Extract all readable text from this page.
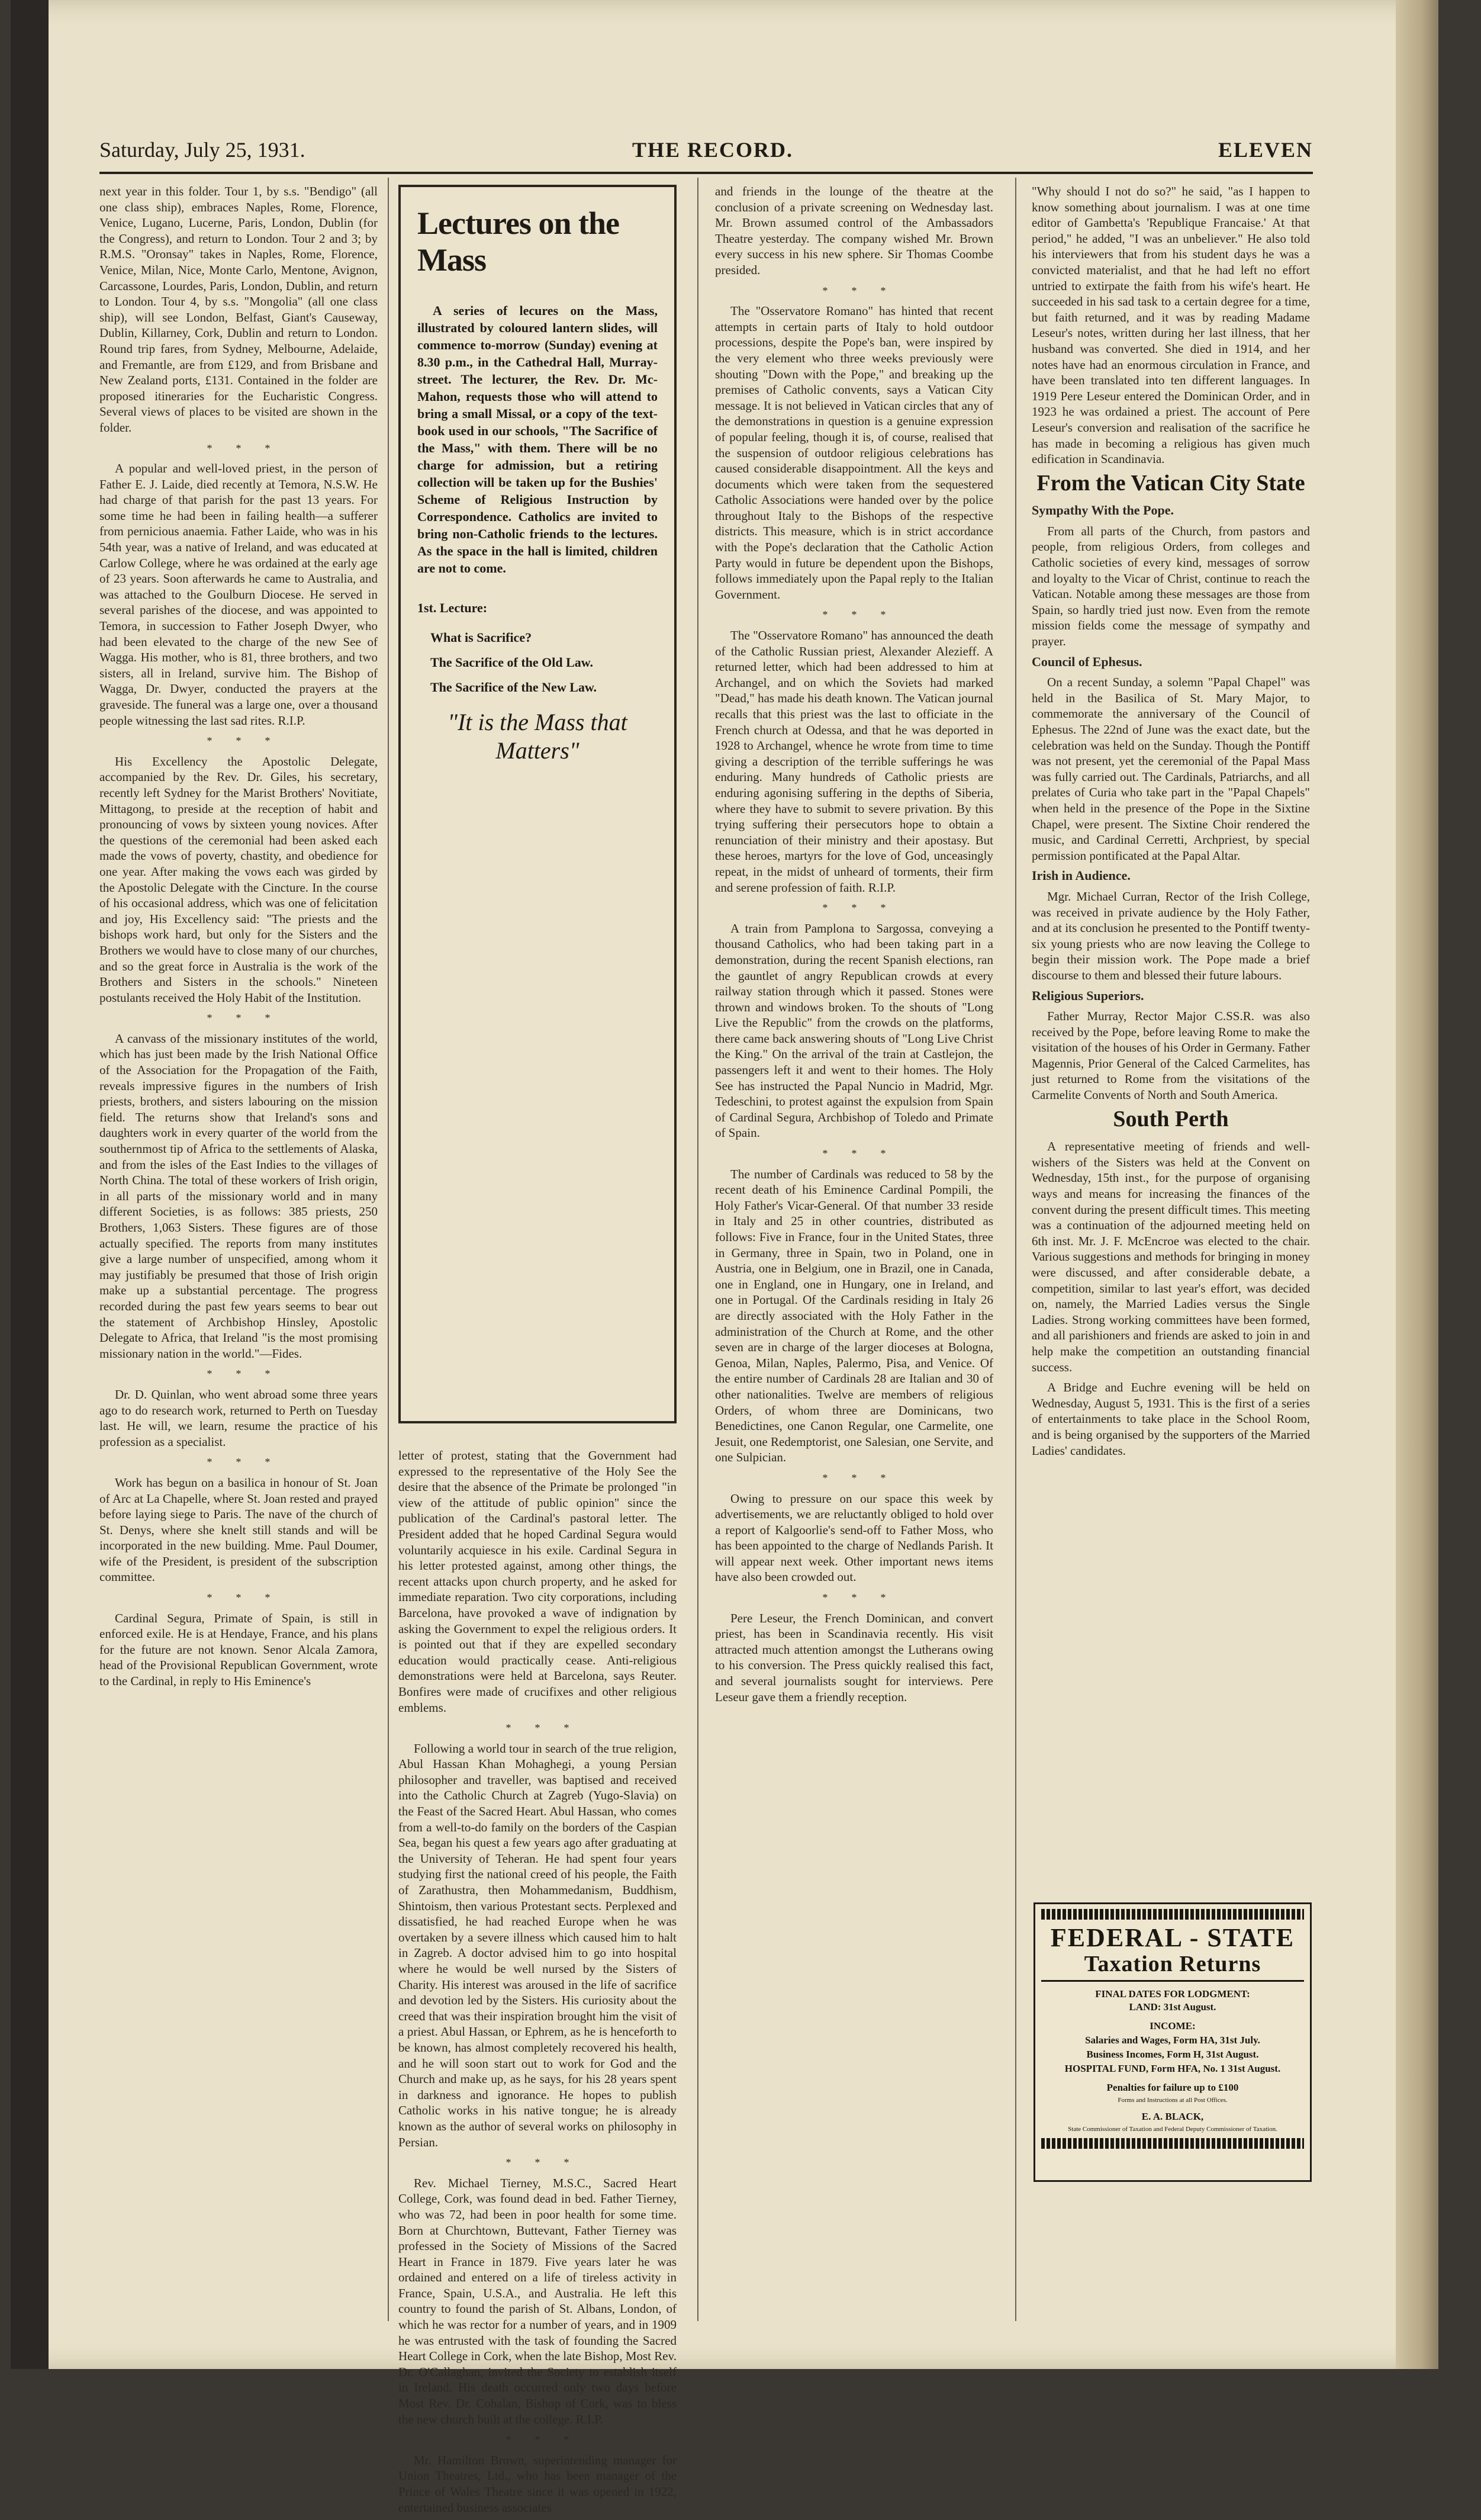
Saturday, July 25, 1931.	THE RECORD.	ELEVEN

next year in this folder. Tour 1, by s.s. "Bendigo" (all one class ship), embraces Naples, Rome, Florence, Venice, Lugano, Lucerne, Paris, London, Dublin (for the Congress), and return to London. Tour 2 and 3; by R.M.S. "Oronsay" takes in Naples, Rome, Florence, Venice, Milan, Nice, Monte Carlo, Mentone, Avignon, Carcassone, Lourdes, Paris, London, Dublin, and return to London. Tour 4, by s.s. "Mongolia" (all one class ship), will see London, Belfast, Giant's Causeway, Dublin, Killarney, Cork, Dublin and return to London. Round trip fares, from Sydney, Melbourne, Adelaide, and Fremantle, are from £129, and from Brisbane and New Zealand ports, £131. Contained in the folder are proposed itineraries for the Eucharistic Congress. Several views of places to be visited are shown in the folder.

***

A popular and well-loved priest, in the person of Father E. J. Laide, died recently at Temora, N.S.W. He had charge of that parish for the past 13 years. For some time he had been in failing health—a sufferer from pernicious anaemia. Father Laide, who was in his 54th year, was a native of Ireland, and was educated at Carlow College, where he was ordained at the early age of 23 years. Soon afterwards he came to Australia, and was attached to the Goulburn Diocese. He served in several parishes of the diocese, and was appointed to Temora, in succession to Father Joseph Dwyer, who had been elevated to the charge of the new See of Wagga. His mother, who is 81, three brothers, and two sisters, all in Ireland, survive him. The Bishop of Wagga, Dr. Dwyer, conducted the prayers at the graveside. The funeral was a large one, over a thousand people witnessing the last sad rites. R.I.P.

***

His Excellency the Apostolic Delegate, accompanied by the Rev. Dr. Giles, his secretary, recently left Sydney for the Marist Brothers' Novitiate, Mittagong, to preside at the reception of habit and pronouncing of vows by sixteen young novices. After the questions of the ceremonial had been asked each made the vows of poverty, chastity, and obedience for one year. After making the vows each was girded by the Apostolic Delegate with the Cincture. In the course of his occasional address, which was one of felicitation and joy, His Excellency said: "The priests and the bishops work hard, but only for the Sisters and the Brothers we would have to close many of our churches, and so the great force in Australia is the work of the Brothers and Sisters in the schools." Nineteen postulants received the Holy Habit of the Institution.

***

A canvass of the missionary institutes of the world, which has just been made by the Irish National Office of the Association for the Propagation of the Faith, reveals impressive figures in the numbers of Irish priests, brothers, and sisters labouring on the mission field. The returns show that Ireland's sons and daughters work in every quarter of the world from the southernmost tip of Africa to the settlements of Alaska, and from the isles of the East Indies to the villages of North China. The total of these workers of Irish origin, in all parts of the missionary world and in many different Societies, is as follows: 385 priests, 250 Brothers, 1,063 Sisters. These figures are of those actually specified. The reports from many institutes give a large number of unspecified, among whom it may justifiably be presumed that those of Irish origin make up a substantial percentage. The progress recorded during the past few years seems to bear out the statement of Archbishop Hinsley, Apostolic Delegate to Africa, that Ireland "is the most promising missionary nation in the world."—Fides.

***

Dr. D. Quinlan, who went abroad some three years ago to do research work, returned to Perth on Tuesday last. He will, we learn, resume the practice of his profession as a specialist.

***

Work has begun on a basilica in honour of St. Joan of Arc at La Chapelle, where St. Joan rested and prayed before laying siege to Paris. The nave of the church of St. Denys, where she knelt still stands and will be incorporated in the new building. Mme. Paul Doumer, wife of the President, is president of the subscription committee.

***

Cardinal Segura, Primate of Spain, is still in enforced exile. He is at Hendaye, France, and his plans for the future are not known. Senor Alcala Zamora, head of the Provisional Republican Government, wrote to the Cardinal, in reply to His Eminence's

Lectures on the Mass

A series of lecures on the Mass, illustrated by coloured lantern slides, will commence to-morrow (Sunday) evening at 8.30 p.m., in the Cathedral Hall, Murray-street. The lecturer, the Rev. Dr. Mc-Mahon, requests those who will attend to bring a small Missal, or a copy of the text-book used in our schools, "The Sacrifice of the Mass," with them. There will be no charge for admission, but a retiring collection will be taken up for the Bushies' Scheme of Religious Instruction by Correspondence. Catholics are invited to bring non-Catholic friends to the lectures. As the space in the hall is limited, children are not to come.

1st. Lecture:
What is Sacrifice?
The Sacrifice of the Old Law.
The Sacrifice of the New Law.
"It is the Mass that Matters"

letter of protest, stating that the Government had expressed to the representative of the Holy See the desire that the absence of the Primate be prolonged "in view of the attitude of public opinion" since the publication of the Cardinal's pastoral letter. The President added that he hoped Cardinal Segura would voluntarily acquiesce in his exile. Cardinal Segura in his letter protested against, among other things, the recent attacks upon church property, and he asked for immediate reparation. Two city corporations, including Barcelona, have provoked a wave of indignation by asking the Government to expel the religious orders. It is pointed out that if they are expelled secondary education would practically cease. Anti-religious demonstrations were held at Barcelona, says Reuter. Bonfires were made of crucifixes and other religious emblems.

***

Following a world tour in search of the true religion, Abul Hassan Khan Mohaghegi, a young Persian philosopher and traveller, was baptised and received into the Catholic Church at Zagreb (Yugo-Slavia) on the Feast of the Sacred Heart. Abul Hassan, who comes from a well-to-do family on the borders of the Caspian Sea, began his quest a few years ago after graduating at the University of Teheran. He had spent four years studying first the national creed of his people, the Faith of Zarathustra, then Mohammedanism, Buddhism, Shintoism, then various Protestant sects. Perplexed and dissatisfied, he had reached Europe when he was overtaken by a severe illness which caused him to halt in Zagreb. A doctor advised him to go into hospital where he would be well nursed by the Sisters of Charity. His interest was aroused in the life of sacrifice and devotion led by the Sisters. His curiosity about the creed that was their inspiration brought him the visit of a priest. Abul Hassan, or Ephrem, as he is henceforth to be known, has almost completely recovered his health, and he will soon start out to work for God and the Church and make up, as he says, for his 28 years spent in darkness and ignorance. He hopes to publish Catholic works in his native tongue; he is already known as the author of several works on philosophy in Persian.

***

Rev. Michael Tierney, M.S.C., Sacred Heart College, Cork, was found dead in bed. Father Tierney, who was 72, had been in poor health for some time. Born at Churchtown, Buttevant, Father Tierney was professed in the Society of Missions of the Sacred Heart in France in 1879. Five years later he was ordained and entered on a life of tireless activity in France, Spain, U.S.A., and Australia. He left this country to found the parish of St. Albans, London, of which he was rector for a number of years, and in 1909 he was entrusted with the task of founding the Sacred Heart College in Cork, when the late Bishop, Most Rev. Dr. O'Callaghan, invited the Society to establish itself in Ireland. His death occurred only two days before Most Rev. Dr. Cohalan, Bishop of Cork, was to bless the new church built at the college. R.I.P.

***

Mr. Hamilton Brown, superintending manager for Union Theatres, Ltd., who has been manager of the Prince of Wales Theatre since it was opened in 1922, entertained business associates

and friends in the lounge of the theatre at the conclusion of a private screening on Wednesday last. Mr. Brown assumed control of the Ambassadors Theatre yesterday. The company wished Mr. Brown every success in his new sphere. Sir Thomas Coombe presided.

***

The "Osservatore Romano" has hinted that recent attempts in certain parts of Italy to hold outdoor processions, despite the Pope's ban, were inspired by the very element who three weeks previously were shouting "Down with the Pope," and breaking up the premises of Catholic convents, says a Vatican City message. It is not believed in Vatican circles that any of the demonstrations in question is a genuine expression of popular feeling, though it is, of course, realised that the suspension of outdoor religious celebrations has caused considerable disappointment. All the keys and documents which were taken from the sequestered Catholic Associations were handed over by the police throughout Italy to the Bishops of the respective districts. This measure, which is in strict accordance with the Pope's declaration that the Catholic Action Party would in future be dependent upon the Bishops, follows immediately upon the Papal reply to the Italian Government.

***

The "Osservatore Romano" has announced the death of the Catholic Russian priest, Alexander Alezieff. A returned letter, which had been addressed to him at Archangel, and on which the Soviets had marked "Dead," has made his death known. The Vatican journal recalls that this priest was the last to officiate in the French church at Odessa, and that he was deported in 1928 to Archangel, whence he wrote from time to time giving a description of the terrible sufferings he was enduring. Many hundreds of Catholic priests are enduring agonising suffering in the depths of Siberia, where they have to submit to severe privation. By this trying suffering their persecutors hope to obtain a renunciation of their ministry and their apostasy. But these heroes, martyrs for the love of God, unceasingly repeat, in the midst of unheard of torments, their firm and serene profession of faith. R.I.P.

***

A train from Pamplona to Sargossa, conveying a thousand Catholics, who had been taking part in a demonstration, during the recent Spanish elections, ran the gauntlet of angry Republican crowds at every railway station through which it passed. Stones were thrown and windows broken. To the shouts of "Long Live the Republic" from the crowds on the platforms, there came back answering shouts of "Long Live Christ the King." On the arrival of the train at Castlejon, the passengers left it and went to their homes. The Holy See has instructed the Papal Nuncio in Madrid, Mgr. Tedeschini, to protest against the expulsion from Spain of Cardinal Segura, Archbishop of Toledo and Primate of Spain.

***

The number of Cardinals was reduced to 58 by the recent death of his Eminence Cardinal Pompili, the Holy Father's Vicar-General. Of that number 33 reside in Italy and 25 in other countries, distributed as follows: Five in France, four in the United States, three in Germany, three in Spain, two in Poland, one in Austria, one in Belgium, one in Brazil, one in Canada, one in England, one in Hungary, one in Ireland, and one in Portugal. Of the Cardinals residing in Italy 26 are directly associated with the Holy Father in the administration of the Church at Rome, and the other seven are in charge of the larger dioceses at Bologna, Genoa, Milan, Naples, Palermo, Pisa, and Venice. Of the entire number of Cardinals 28 are Italian and 30 of other nationalities. Twelve are members of religious Orders, of whom three are Dominicans, two Benedictines, one Canon Regular, one Carmelite, one Jesuit, one Redemptorist, one Salesian, one Servite, and one Sulpician.

***

Owing to pressure on our space this week by advertisements, we are reluctantly obliged to hold over a report of Kalgoorlie's send-off to Father Moss, who has been appointed to the charge of Nedlands Parish. It will appear next week. Other important news items have also been crowded out.

***

Pere Leseur, the French Dominican, and convert priest, has been in Scandinavia recently. His visit attracted much attention amongst the Lutherans owing to his conversion. The Press quickly realised this fact, and several journalists sought for interviews. Pere Leseur gave them a friendly reception.

"Why should I not do so?" he said, "as I happen to know something about journalism. I was at one time editor of Gambetta's 'Republique Francaise.' At that period," he added, "I was an unbeliever." He also told his interviewers that from his student days he was a convicted materialist, and that he had left no effort untried to extirpate the faith from his wife's heart. He succeeded in his sad task to a certain degree for a time, but faith returned, and it was by reading Madame Leseur's notes, written during her last illness, that her husband was converted. She died in 1914, and her notes have had an enormous circulation in France, and have been translated into ten different languages. In 1919 Pere Leseur entered the Dominican Order, and in 1923 he was ordained a priest. The account of Pere Leseur's conversion and realisation of the sacrifice he has made in becoming a religious has given much edification in Scandinavia.

From the Vatican City State

Sympathy With the Pope.

From all parts of the Church, from pastors and people, from religious Orders, from colleges and Catholic societies of every kind, messages of sorrow and loyalty to the Vicar of Christ, continue to reach the Vatican. Notable among these messages are those from Spain, so hardly tried just now. Even from the remote mission fields come the message of sympathy and prayer.

Council of Ephesus.

On a recent Sunday, a solemn "Papal Chapel" was held in the Basilica of St. Mary Major, to commemorate the anniversary of the Council of Ephesus. The 22nd of June was the exact date, but the celebration was held on the Sunday. Though the Pontiff was not present, yet the ceremonial of the Papal Mass was fully carried out. The Cardinals, Patriarchs, and all prelates of Curia who take part in the "Papal Chapels" when held in the presence of the Pope in the Sixtine Chapel, were present. The Sixtine Choir rendered the music, and Cardinal Cerretti, Archpriest, by special permission pontificated at the Papal Altar.

Irish in Audience.

Mgr. Michael Curran, Rector of the Irish College, was received in private audience by the Holy Father, and at its conclusion he presented to the Pontiff twenty-six young priests who are now leaving the College to begin their mission work. The Pope made a brief discourse to them and blessed their future labours.

Religious Superiors.

Father Murray, Rector Major C.SS.R. was also received by the Pope, before leaving Rome to make the visitation of the houses of his Order in Germany. Father Magennis, Prior General of the Calced Carmelites, has just returned to Rome from the visitations of the Carmelite Convents of North and South America.

South Perth

A representative meeting of friends and well-wishers of the Sisters was held at the Convent on Wednesday, 15th inst., for the purpose of organising ways and means for increasing the finances of the convent during the present difficult times. This meeting was a continuation of the adjourned meeting held on 6th inst. Mr. J. F. McEncroe was elected to the chair. Various suggestions and methods for bringing in money were discussed, and after considerable debate, a competition, similar to last year's effort, was decided on, namely, the Married Ladies versus the Single Ladies. Strong working committees have been formed, and all parishioners and friends are asked to join in and help make the competition an outstanding financial success.

A Bridge and Euchre evening will be held on Wednesday, August 5, 1931. This is the first of a series of entertainments to take place in the School Room, and is being organised by the supporters of the Married Ladies' candidates.

FEDERAL - STATE
Taxation Returns
FINAL DATES FOR LODGMENT:
LAND: 31st August.
INCOME:
Salaries and Wages, Form HA, 31st July.
Business Incomes, Form H, 31st August.
HOSPITAL FUND, Form HFA, No. 1 31st August.
Penalties for failure up to £100
Forms and Instructions at all Post Offices.
E. A. BLACK,
State Commissioner of Taxation and Federal Deputy Commissioner of Taxation.
